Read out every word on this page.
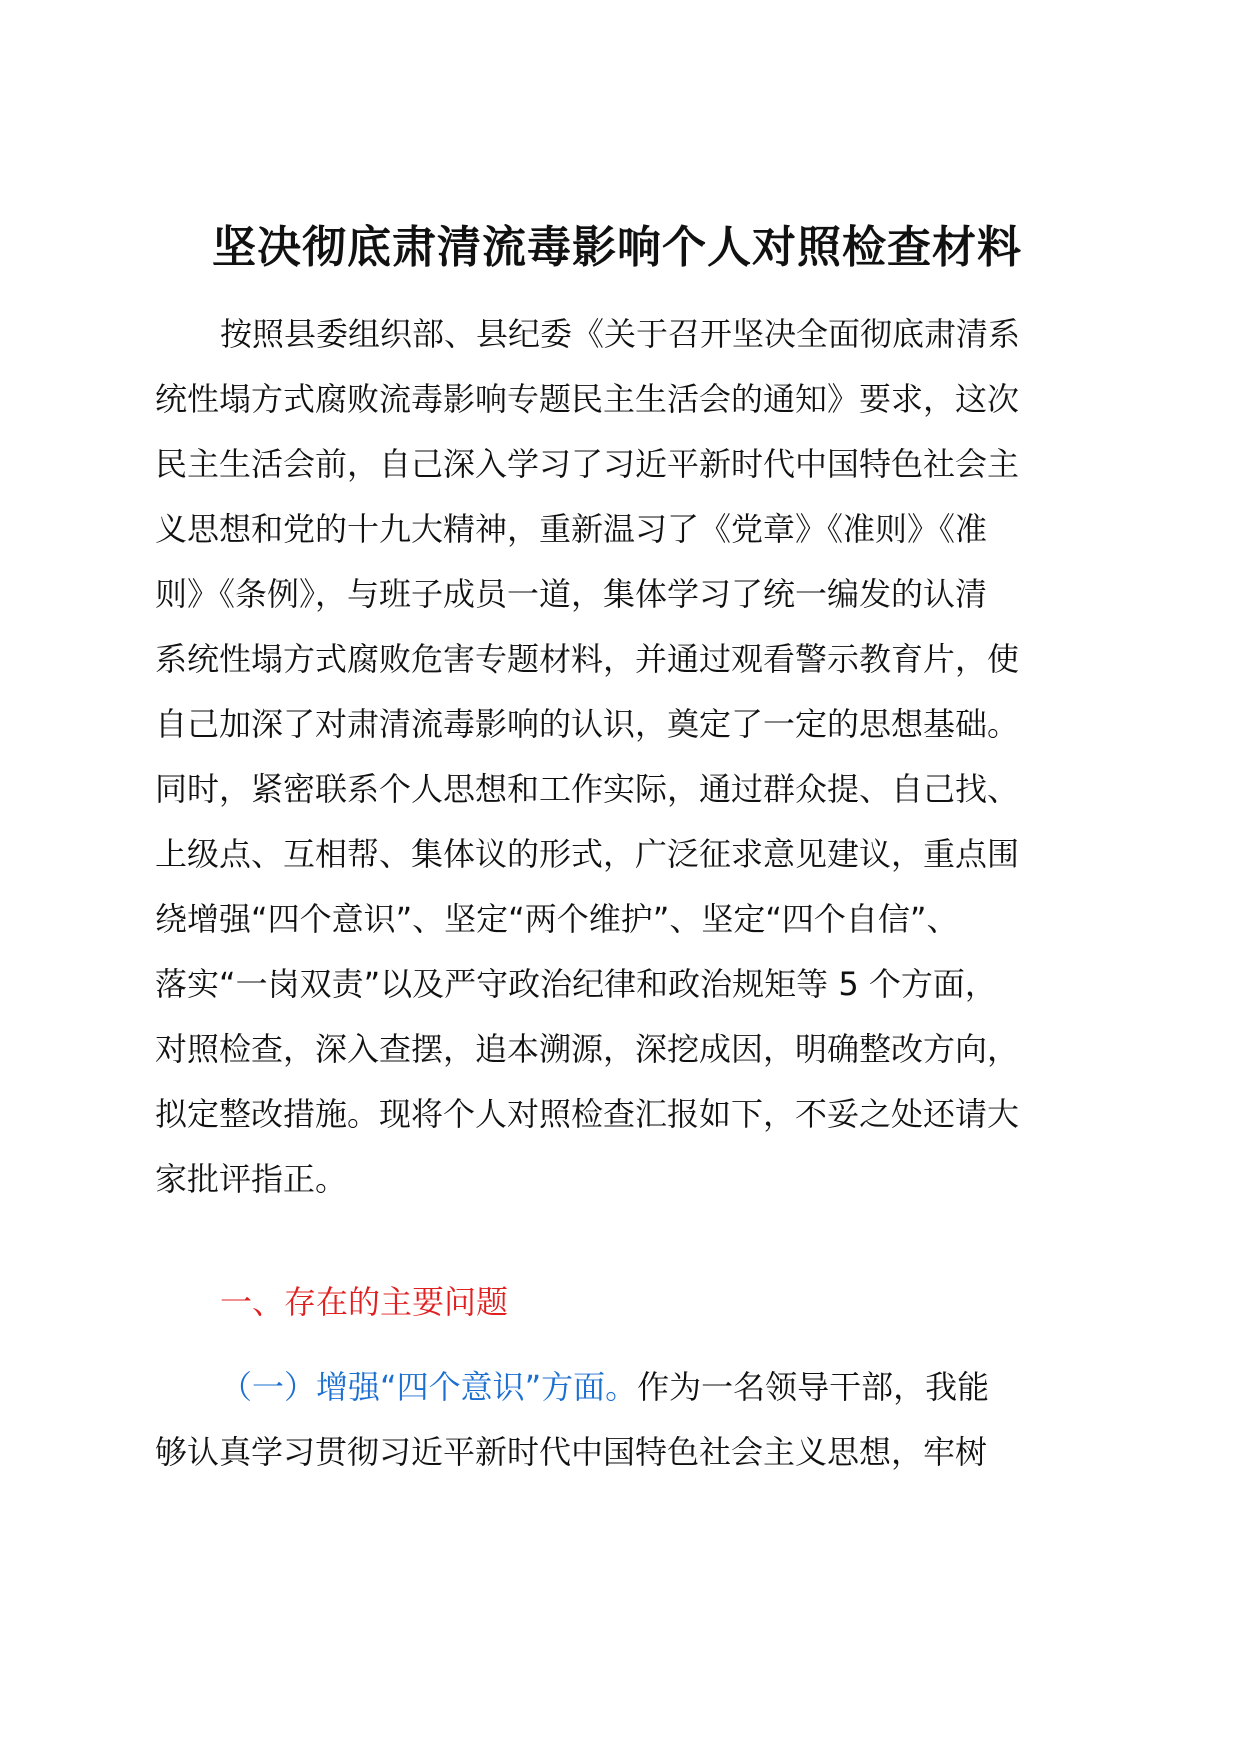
坚决彻底肃清流毒影响个人对照检查材料
按照县委组织部、县纪委《关于召开坚决全面彻底肃清系
统性塌方式腐败流毒影响专题民主生活会的通知》要求，这次
民主生活会前，自己深入学习了习近平新时代中国特色社会主
义思想和党的十九大精神，重新温习了《党章》《准则》《准
则》《条例》，与班子成员一道，集体学习了统一编发的认清
系统性塌方式腐败危害专题材料，并通过观看警示教育片，使
自己加深了对肃清流毒影响的认识，奠定了一定的思想基础。
同时，紧密联系个人思想和工作实际，通过群众提、自己找、
上级点、互相帮、集体议的形式，广泛征求意见建议，重点围
绕增强“四个意识”、坚定“两个维护”、坚定“四个自信”、
落实“一岗双责”以及严守政治纪律和政治规矩等 5 个方面，
对照检查，深入查摆，追本溯源，深挖成因，明确整改方向，
拟定整改措施。现将个人对照检查汇报如下，不妥之处还请大
家批评指正。
一、存在的主要问题
（一）增强“四个意识”方面。作为一名领导干部，我能
够认真学习贯彻习近平新时代中国特色社会主义思想，牢树
